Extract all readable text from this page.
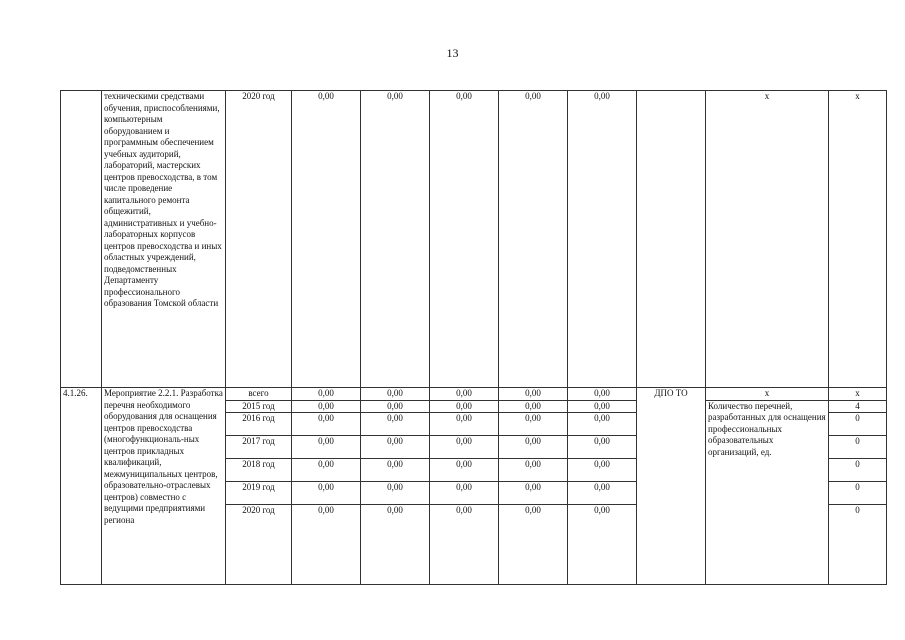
13
	техническими средствами обучения, приспособлениями, компьютерным оборудованием и программным обеспечением учебных аудиторий, лабораторий, мастерских центров превосходства, в том числе проведение капитального ремонта общежитий, административных и учебно-лабораторных корпусов центров превосходства и иных областных учреждений, подведомственных Департаменту профессионального образования Томской области	2020 год	0,00	0,00	0,00	0,00	0,00		х	х
4.1.26.	Мероприятие 2.2.1. Разработка перечня необходимого оборудования для оснащения центров превосходства (многофункциональ-ных центров прикладных квалификаций, межмуниципальных центров, образовательно-отраслевых центров) совместно с ведущими предприятиями региона	всего	0,00	0,00	0,00	0,00	0,00	ДПО ТО	х	х
		2015 год	0,00	0,00	0,00	0,00	0,00		Количество перечней, разработанных для оснащения профессиональных образовательных организаций, ед.	4
		2016 год	0,00	0,00	0,00	0,00	0,00			0
		2017 год	0,00	0,00	0,00	0,00	0,00			0
		2018 год	0,00	0,00	0,00	0,00	0,00			0
		2019 год	0,00	0,00	0,00	0,00	0,00			0
		2020 год	0,00	0,00	0,00	0,00	0,00			0
